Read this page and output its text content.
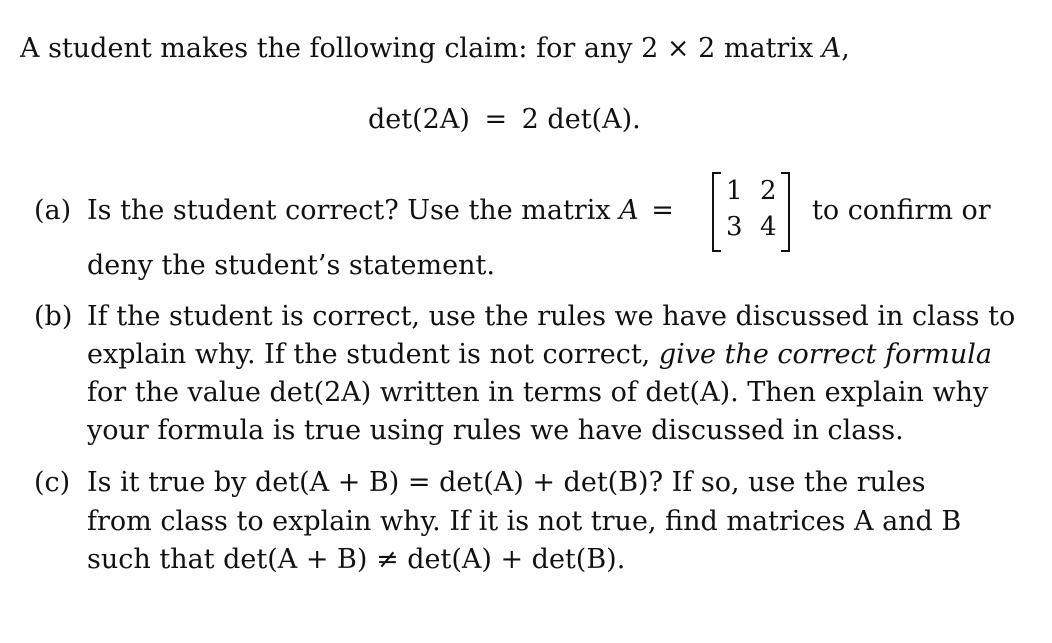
A student makes the following claim: for any 2 × 2 matrix A,
det(2A) = 2 det(A).
(a) Is the student correct? Use the matrix A =
1 2
3 4
to confirm or
deny the student’s statement.
(b) If the student is correct, use the rules we have discussed in class to
explain why. If the student is not correct, give the correct formula
for the value det(2A) written in terms of det(A). Then explain why
your formula is true using rules we have discussed in class.
(c) Is it true by det(A + B) = det(A) + det(B)? If so, use the rules
from class to explain why. If it is not true, find matrices A and B
such that det(A + B) ≠ det(A) + det(B).
